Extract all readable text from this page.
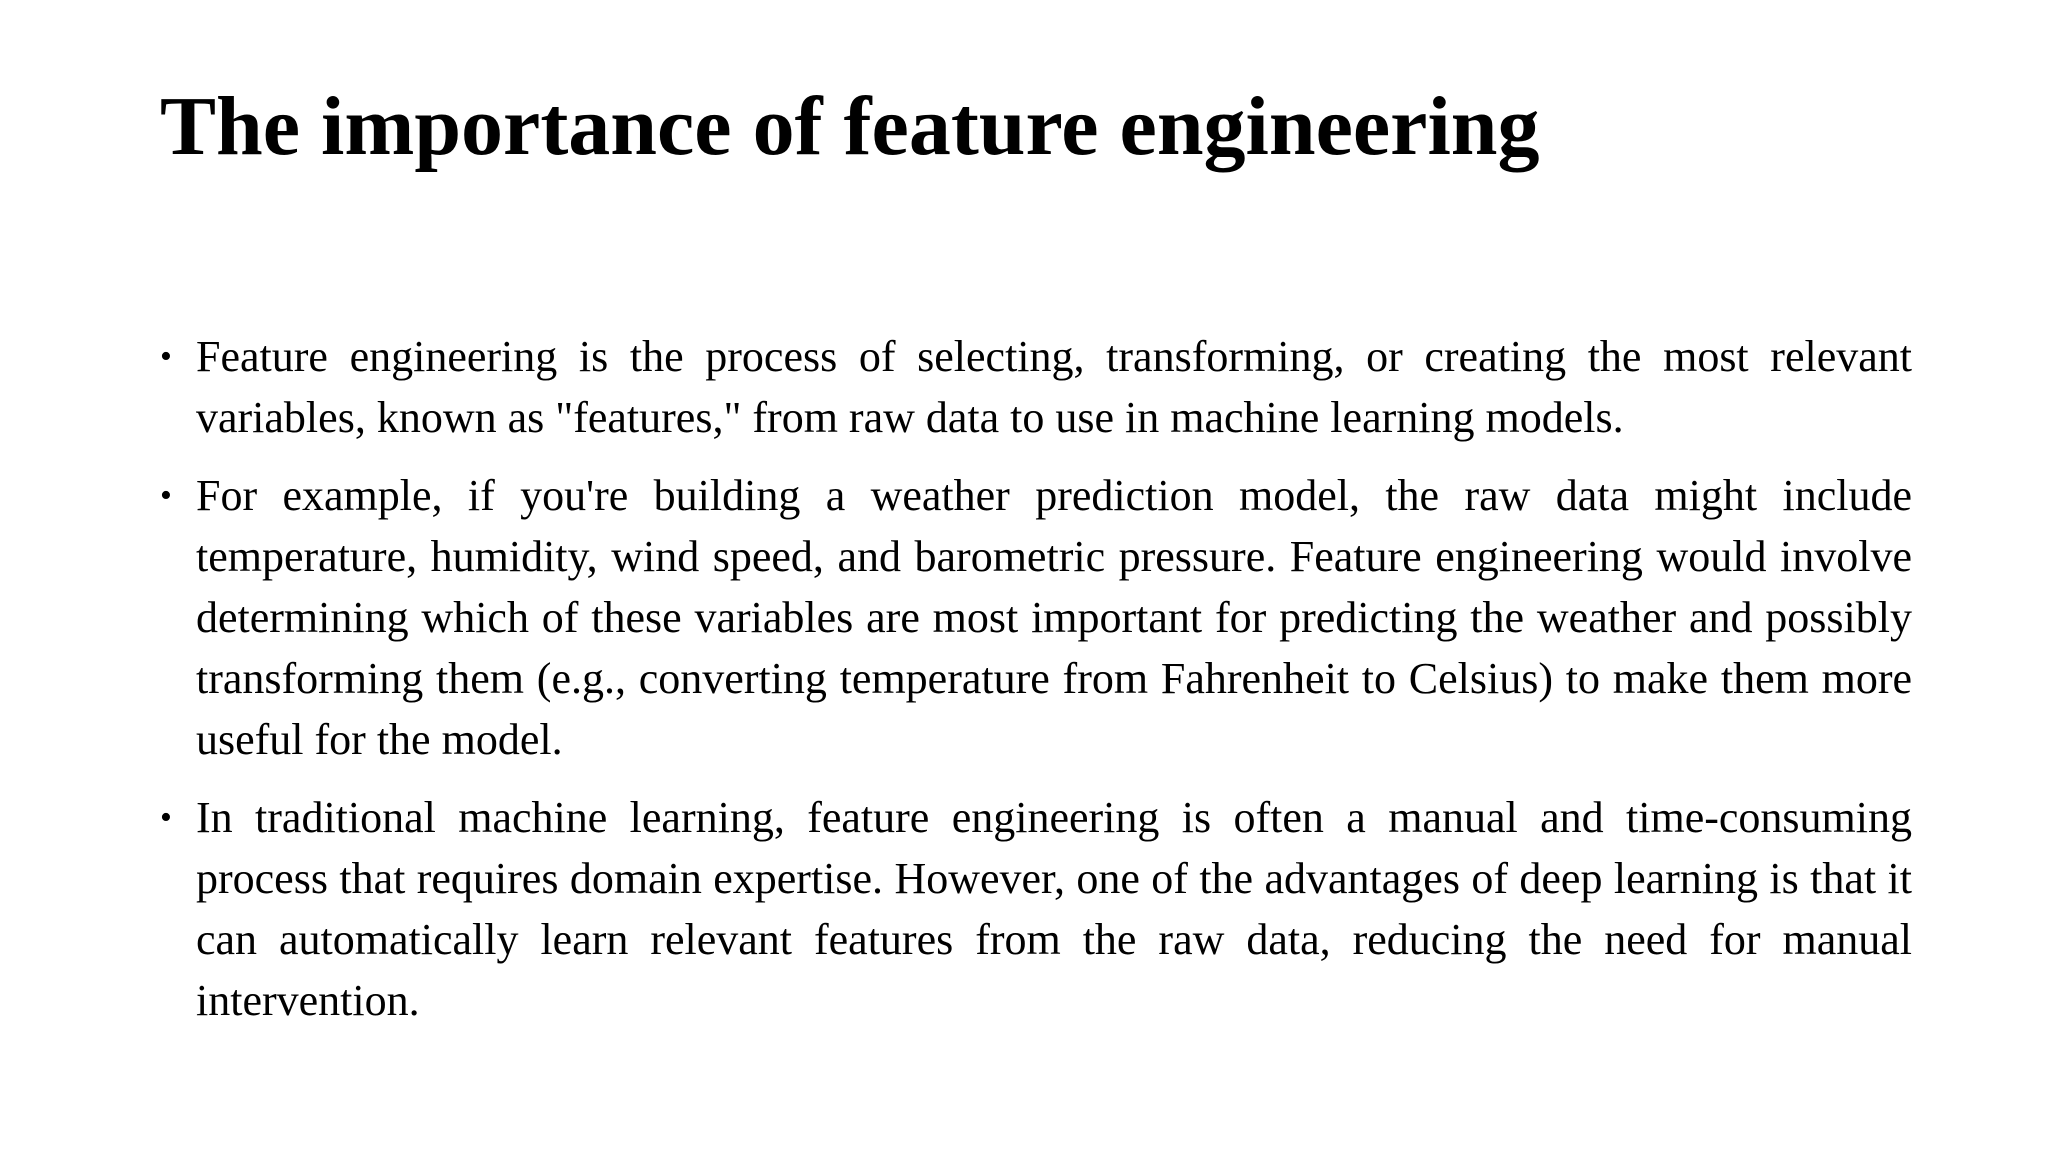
The importance of feature engineering
• Feature engineering is the process of selecting, transforming, or creating the most relevant variables, known as "features," from raw data to use in machine learning models.
• For example, if you're building a weather prediction model, the raw data might include temperature, humidity, wind speed, and barometric pressure. Feature engineering would involve determining which of these variables are most important for predicting the weather and possibly transforming them (e.g., converting temperature from Fahrenheit to Celsius) to make them more useful for the model.
• In traditional machine learning, feature engineering is often a manual and time-consuming process that requires domain expertise. However, one of the advantages of deep learning is that it can automatically learn relevant features from the raw data, reducing the need for manual intervention.
